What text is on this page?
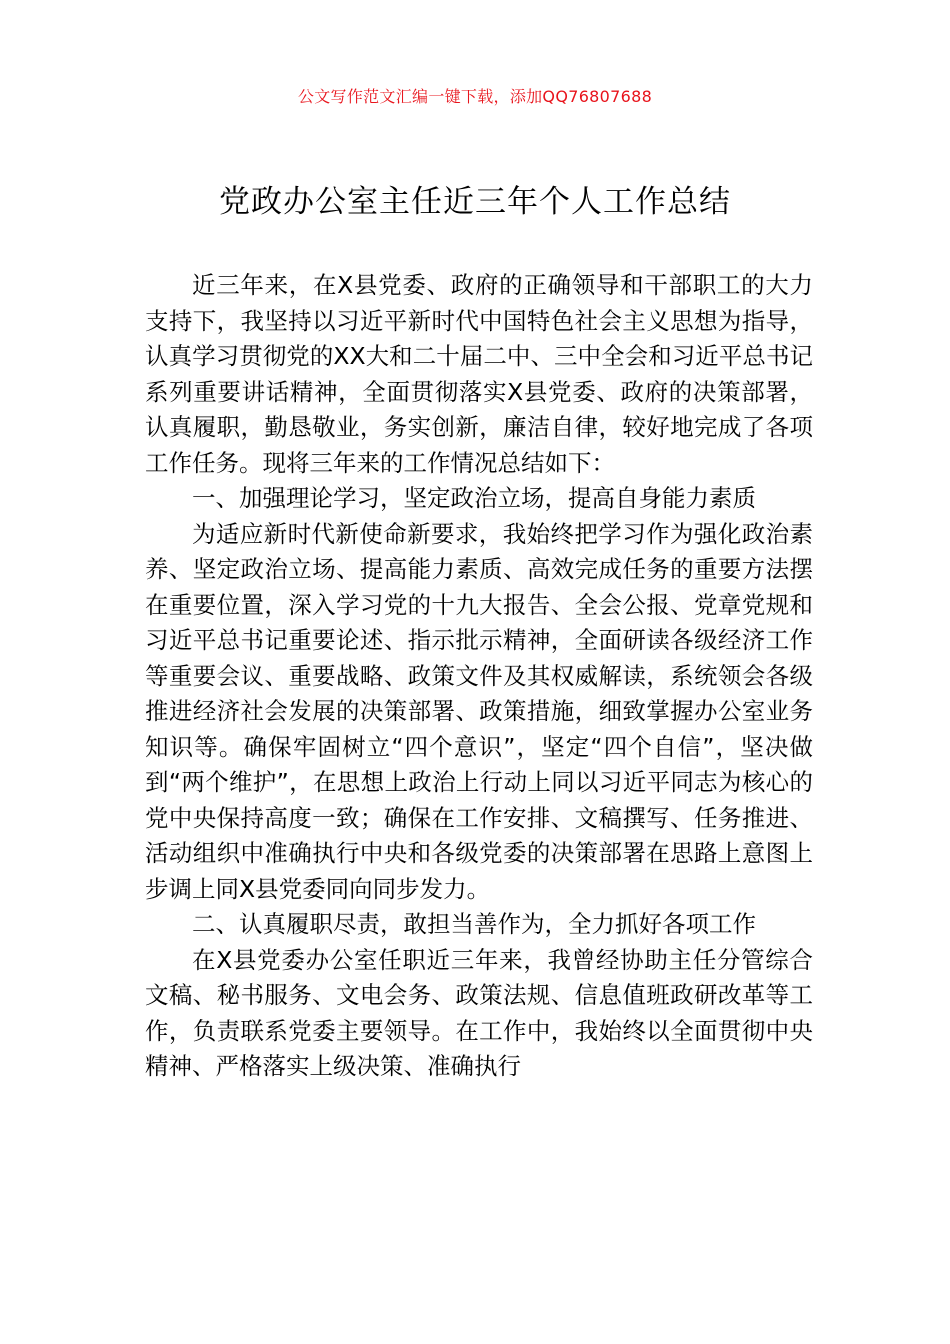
公文写作范文汇编一键下载，添加QQ76807688
党政办公室主任近三年个人工作总结

近三年来，在X县党委、政府的正确领导和干部职工的大力支持下，我坚持以习近平新时代中国特色社会主义思想为指导，认真学习贯彻党的XX大和二十届二中、三中全会和习近平总书记系列重要讲话精神，全面贯彻落实X县党委、政府的决策部署，认真履职，勤恳敬业，务实创新，廉洁自律，较好地完成了各项工作任务。现将三年来的工作情况总结如下：

一、加强理论学习，坚定政治立场，提高自身能力素质

为适应新时代新使命新要求，我始终把学习作为强化政治素养、坚定政治立场、提高能力素质、高效完成任务的重要方法摆在重要位置，深入学习党的十九大报告、全会公报、党章党规和习近平总书记重要论述、指示批示精神，全面研读各级经济工作等重要会议、重要战略、政策文件及其权威解读，系统领会各级推进经济社会发展的决策部署、政策措施，细致掌握办公室业务知识等。确保牢固树立“四个意识”，坚定“四个自信”，坚决做到“两个维护”，在思想上政治上行动上同以习近平同志为核心的党中央保持高度一致；确保在工作安排、文稿撰写、任务推进、活动组织中准确执行中央和各级党委的决策部署在思路上意图上步调上同X县党委同向同步发力。

二、认真履职尽责，敢担当善作为，全力抓好各项工作

在X县党委办公室任职近三年来，我曾经协助主任分管综合文稿、秘书服务、文电会务、政策法规、信息值班政研改革等工作，负责联系党委主要领导。在工作中，我始终以全面贯彻中央精神、严格落实上级决策、准确执行
